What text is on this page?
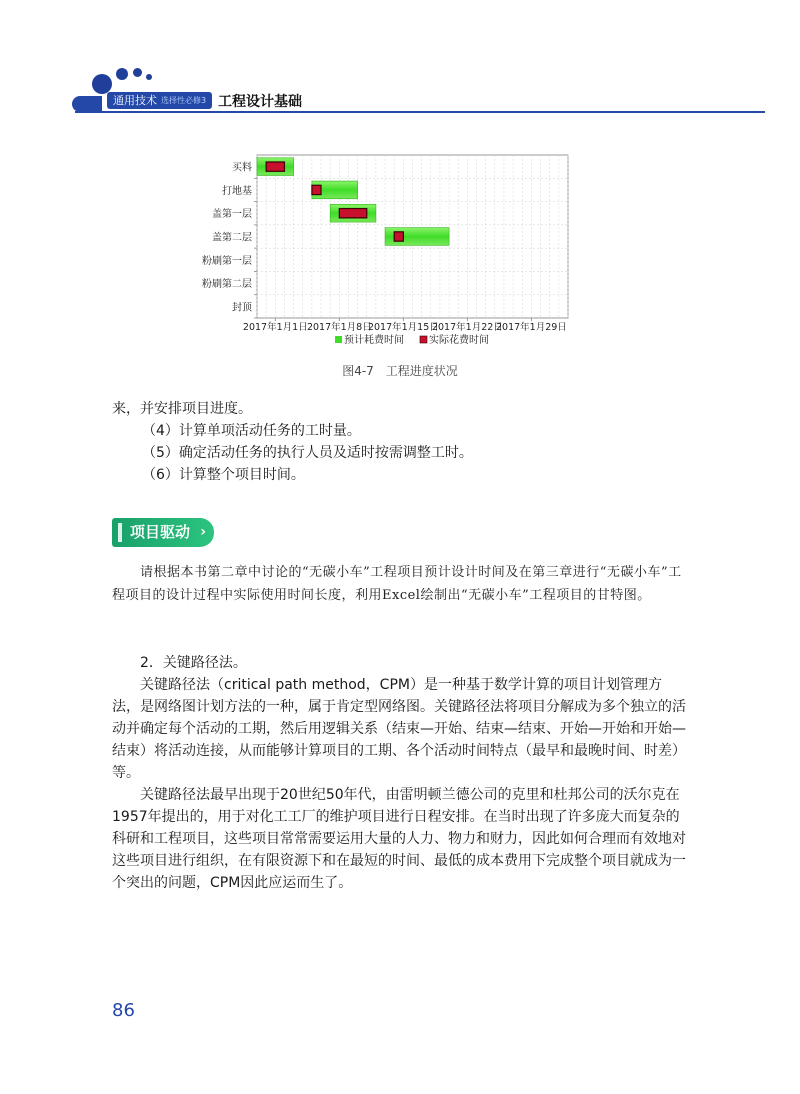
通用技术 选择性必修3 工程设计基础
买料
打地基
盖第一层
盖第二层
粉刷第一层
粉刷第二层
封顶
2017年1月1日 2017年1月8日
2017年1月15日
2017年1月22日
2017年1月29日
预计耗费时间	实际花费时间
图4-7　工程进度状况

来，并安排项目进度。

（4）计算单项活动任务的工时量。

（5）确定活动任务的执行人员及适时按需调整工时。

（6）计算整个项目时间。

项目驱动 ›

请根据本书第二章中讨论的“无碳小车”工程项目预计设计时间及在第三章进行“无碳小车”工程项目的设计过程中实际使用时间长度，利用Excel绘制出“无碳小车”工程项目的甘特图。

2．关键路径法。

关键路径法（critical path method，CPM）是一种基于数学计算的项目计划管理方法，是网络图计划方法的一种，属于肯定型网络图。关键路径法将项目分解成为多个独立的活动并确定每个活动的工期，然后用逻辑关系（结束—开始、结束—结束、开始—开始和开始—结束）将活动连接，从而能够计算项目的工期、各个活动时间特点（最早和最晚时间、时差）等。

关键路径法最早出现于20世纪50年代，由雷明顿兰德公司的克里和杜邦公司的沃尔克在1957年提出的，用于对化工工厂的维护项目进行日程安排。在当时出现了许多庞大而复杂的科研和工程项目，这些项目常常需要运用大量的人力、物力和财力，因此如何合理而有效地对这些项目进行组织，在有限资源下和在最短的时间、最低的成本费用下完成整个项目就成为一个突出的问题，CPM因此应运而生了。

86
